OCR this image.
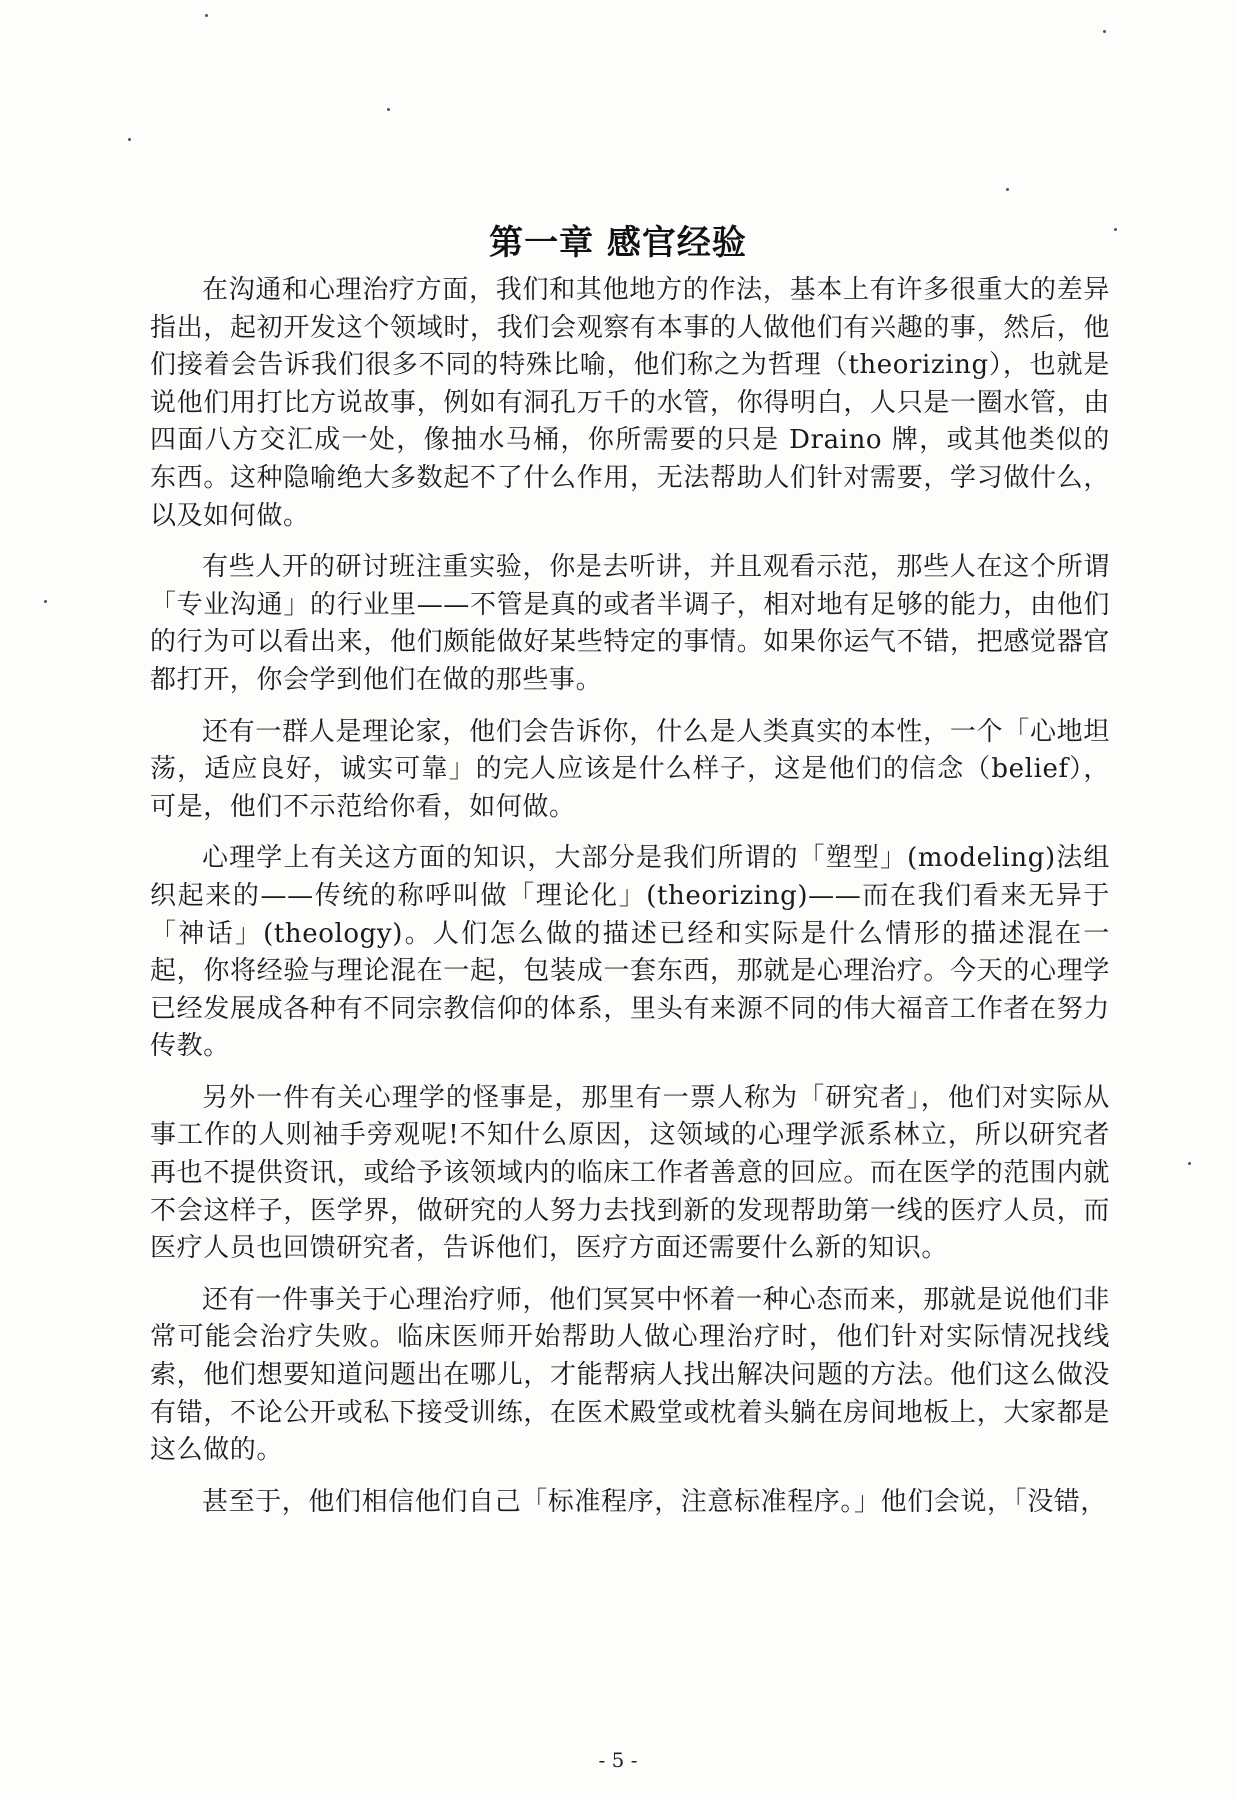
第一章 感官经验

在沟通和心理治疗方面，我们和其他地方的作法，基本上有许多很重大的差异指出，起初开发这个领域时，我们会观察有本事的人做他们有兴趣的事，然后，他们接着会告诉我们很多不同的特殊比喻，他们称之为哲理（theorizing），也就是说他们用打比方说故事，例如有洞孔万千的水管，你得明白，人只是一圈水管，由四面八方交汇成一处，像抽水马桶，你所需要的只是 Draino 牌，或其他类似的东西。这种隐喻绝大多数起不了什么作用，无法帮助人们针对需要，学习做什么，以及如何做。

有些人开的研讨班注重实验，你是去听讲，并且观看示范，那些人在这个所谓「专业沟通」的行业里——不管是真的或者半调子，相对地有足够的能力，由他们的行为可以看出来，他们颇能做好某些特定的事情。如果你运气不错，把感觉器官都打开，你会学到他们在做的那些事。

还有一群人是理论家，他们会告诉你，什么是人类真实的本性，一个「心地坦荡，适应良好，诚实可靠」的完人应该是什么样子，这是他们的信念（belief），可是，他们不示范给你看，如何做。

心理学上有关这方面的知识，大部分是我们所谓的「塑型」(modeling)法组织起来的——传统的称呼叫做「理论化」(theorizing)——而在我们看来无异于「神话」(theology)。人们怎么做的描述已经和实际是什么情形的描述混在一起，你将经验与理论混在一起，包装成一套东西，那就是心理治疗。今天的心理学已经发展成各种有不同宗教信仰的体系，里头有来源不同的伟大福音工作者在努力传教。

另外一件有关心理学的怪事是，那里有一票人称为「研究者」，他们对实际从事工作的人则袖手旁观呢!不知什么原因，这领域的心理学派系林立，所以研究者再也不提供资讯，或给予该领域内的临床工作者善意的回应。而在医学的范围内就不会这样子，医学界，做研究的人努力去找到新的发现帮助第一线的医疗人员，而医疗人员也回馈研究者，告诉他们，医疗方面还需要什么新的知识。

还有一件事关于心理治疗师，他们冥冥中怀着一种心态而来，那就是说他们非常可能会治疗失败。临床医师开始帮助人做心理治疗时，他们针对实际情况找线索，他们想要知道问题出在哪儿，才能帮病人找出解决问题的方法。他们这么做没有错，不论公开或私下接受训练，在医术殿堂或枕着头躺在房间地板上，大家都是这么做的。

甚至于，他们相信他们自己「标准程序，注意标准程序。」他们会说，「没错，

- 5 -
